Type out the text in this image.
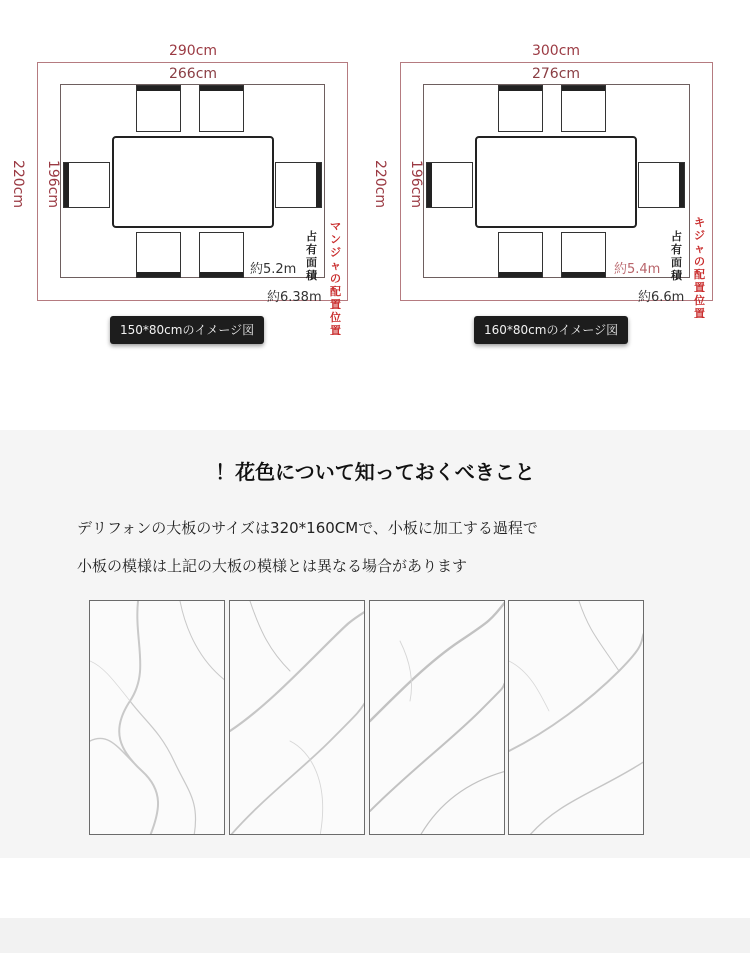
290cm
266cm
220cm 196cm
約5.2m
約6.38m
占有面積
マンジャの配置位置
150*80cmのイメージ図
300cm
276cm
220cm 196cm
約5.4m
約6.6m
占有面積
キジャの配置位置
160*80cmのイメージ図
！花色について知っておくべきこと
デリフォンの大板のサイズは320*160CMで、小板に加工する過程で
小板の模様は上記の大板の模様とは異なる場合があります
